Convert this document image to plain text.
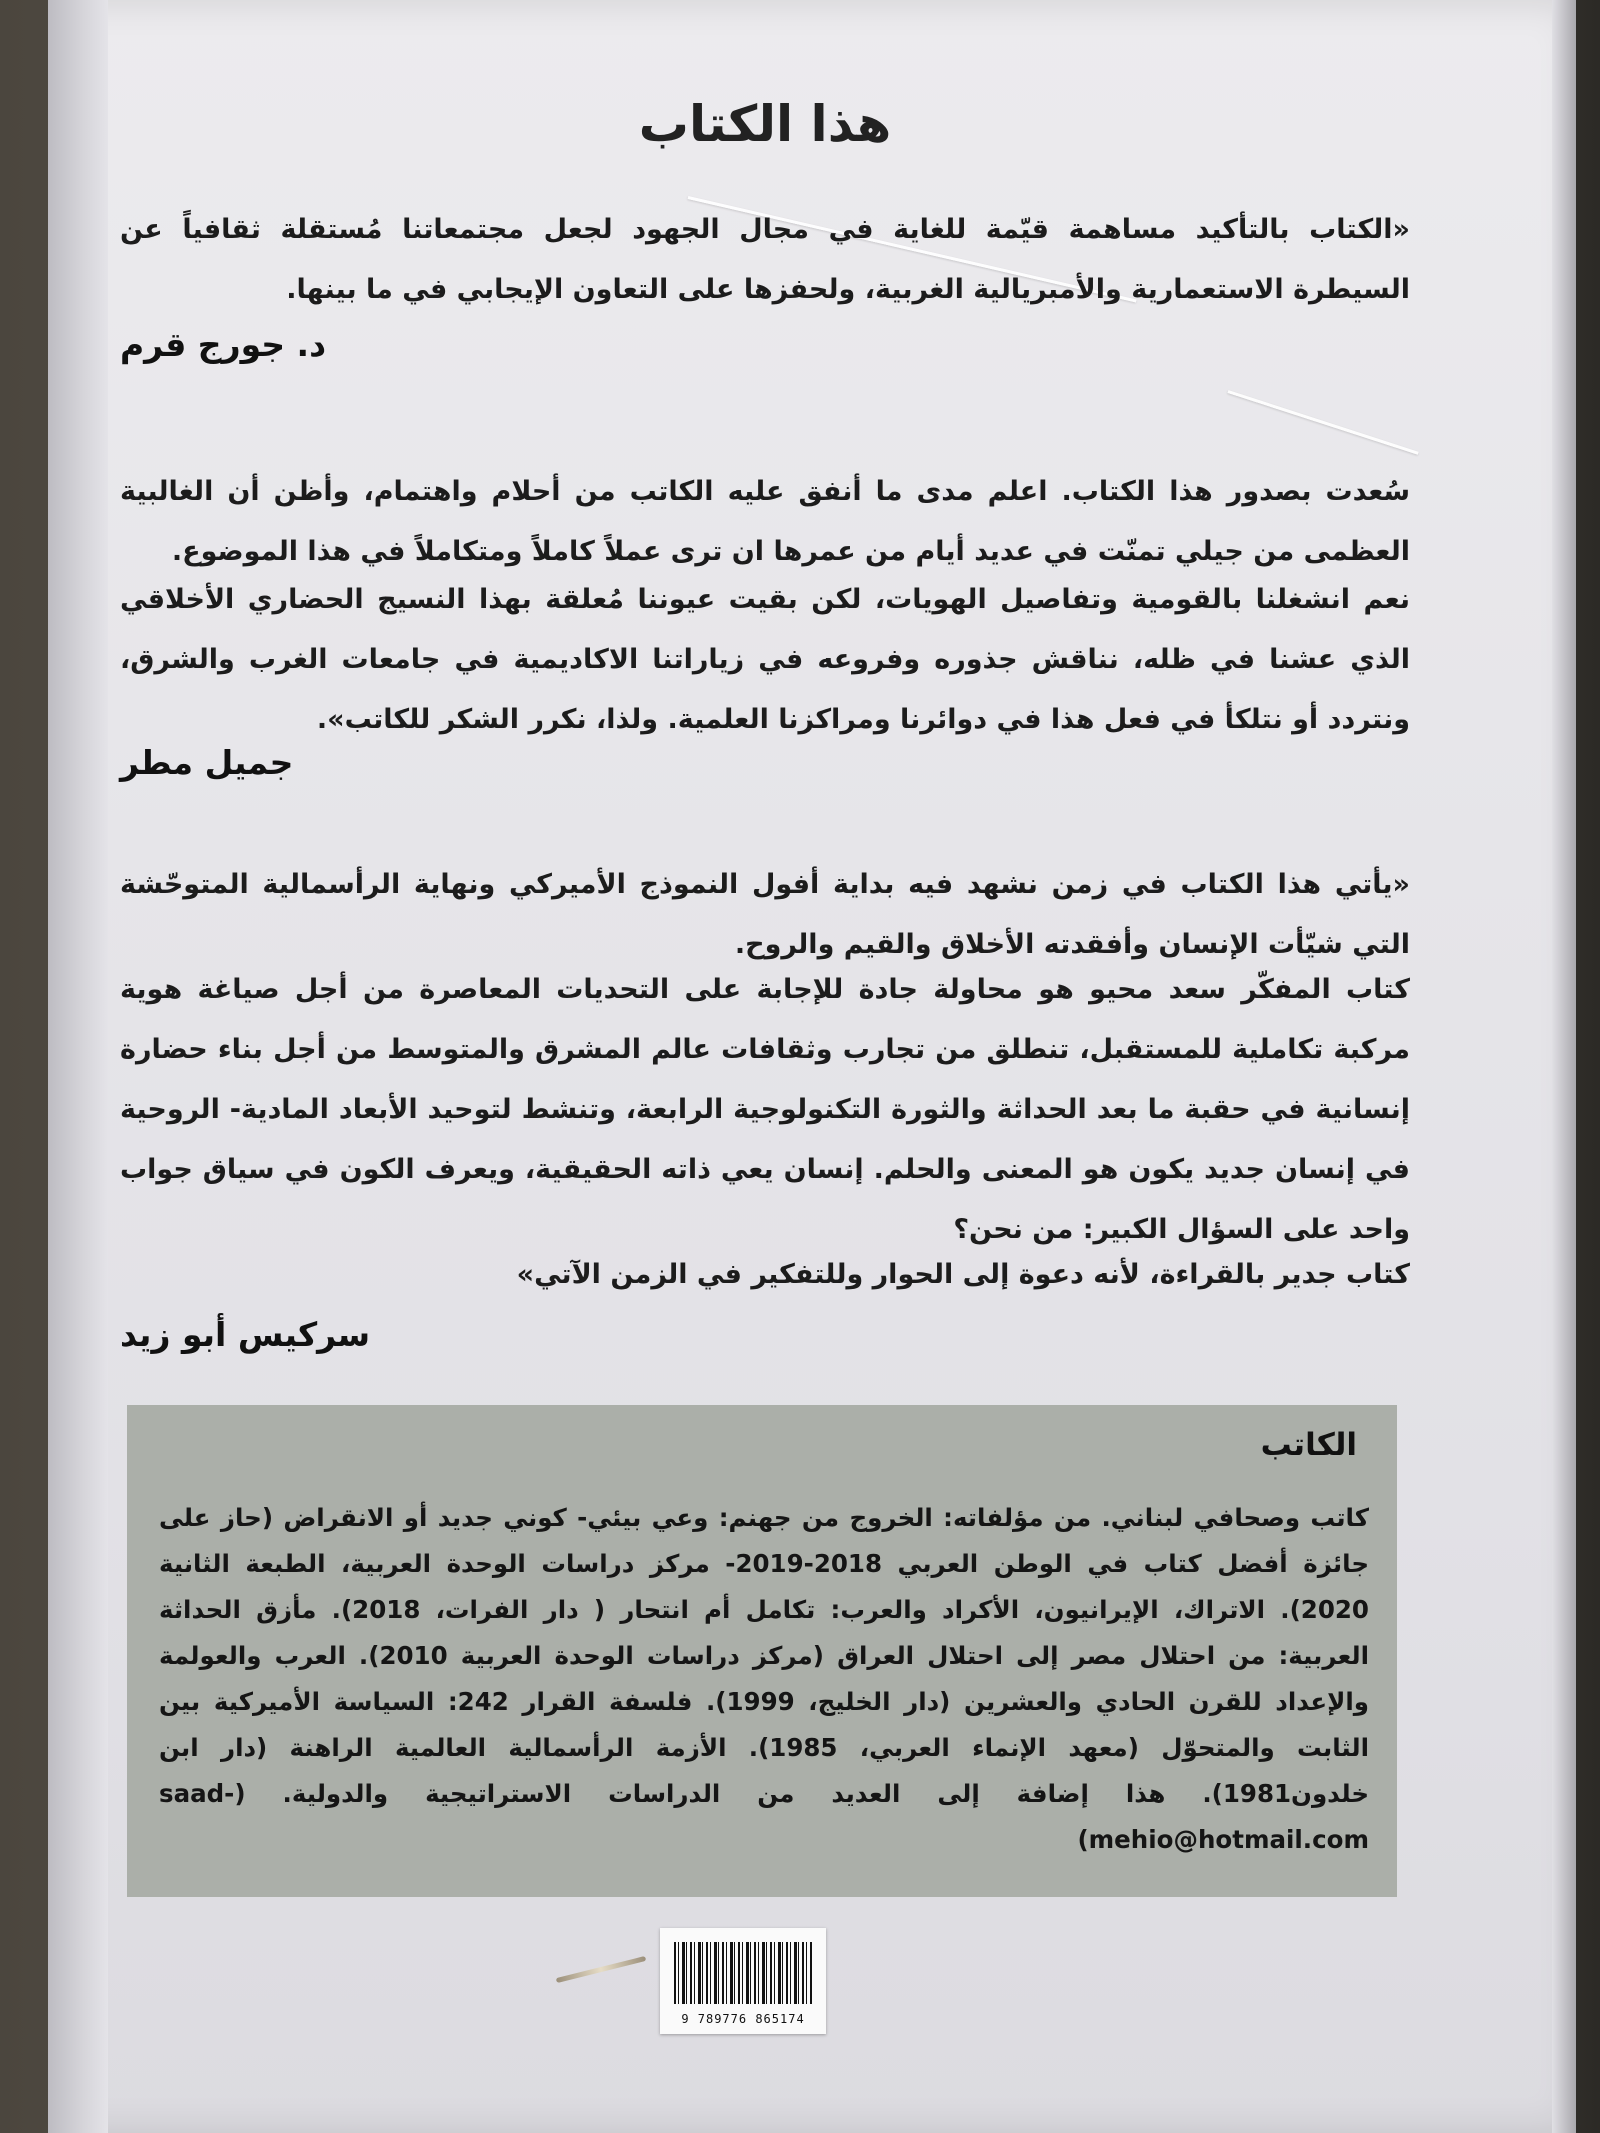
هذا الكتاب
«الكتاب بالتأكيد مساهمة قيّمة للغاية في مجال الجهود لجعل مجتمعاتنا مُستقلة ثقافياً عن السيطرة الاستعمارية والأمبريالية الغربية، ولحفزها على التعاون الإيجابي في ما بينها.
د. جورج قرم
سُعدت بصدور هذا الكتاب. اعلم مدى ما أنفق عليه الكاتب من أحلام واهتمام، وأظن أن الغالبية العظمى من جيلي تمنّت في عديد أيام من عمرها ان ترى عملاً كاملاً ومتكاملاً في هذا الموضوع.
نعم انشغلنا بالقومية وتفاصيل الهويات، لكن بقيت عيوننا مُعلقة بهذا النسيج الحضاري الأخلاقي الذي عشنا في ظله، نناقش جذوره وفروعه في زياراتنا الاكاديمية في جامعات الغرب والشرق، ونتردد أو نتلكأ في فعل هذا في دوائرنا ومراكزنا العلمية. ولذا، نكرر الشكر للكاتب».
جميل مطر
«يأتي هذا الكتاب في زمن نشهد فيه بداية أفول النموذج الأميركي ونهاية الرأسمالية المتوحّشة التي شيّأت الإنسان وأفقدته الأخلاق والقيم والروح.
كتاب المفكّر سعد محيو هو محاولة جادة للإجابة على التحديات المعاصرة من أجل صياغة هوية مركبة تكاملية للمستقبل، تنطلق من تجارب وثقافات عالم المشرق والمتوسط من أجل بناء حضارة إنسانية في حقبة ما بعد الحداثة والثورة التكنولوجية الرابعة، وتنشط لتوحيد الأبعاد المادية- الروحية في إنسان جديد يكون هو المعنى والحلم. إنسان يعي ذاته الحقيقية، ويعرف الكون في سياق جواب واحد على السؤال الكبير: من نحن؟
كتاب جدير بالقراءة، لأنه دعوة إلى الحوار وللتفكير في الزمن الآتي»
سركيس أبو زيد
الكاتب
كاتب وصحافي لبناني. من مؤلفاته: الخروج من جهنم: وعي بيئي- كوني جديد أو الانقراض (حاز على جائزة أفضل كتاب في الوطن العربي 2018-2019- مركز دراسات الوحدة العربية، الطبعة الثانية 2020). الاتراك، الإيرانيون، الأكراد والعرب: تكامل أم انتحار ( دار الفرات، 2018). مأزق الحداثة العربية: من احتلال مصر إلى احتلال العراق (مركز دراسات الوحدة العربية 2010). العرب والعولمة والإعداد للقرن الحادي والعشرين (دار الخليج، 1999). فلسفة القرار 242: السياسة الأميركية بين الثابت والمتحوّل (معهد الإنماء العربي، 1985). الأزمة الرأسمالية العالمية الراهنة (دار ابن خلدون1981). هذا إضافة إلى العديد من الدراسات الاستراتيجية والدولية. (saad-mehio@hotmail.com)
9 789776 865174
